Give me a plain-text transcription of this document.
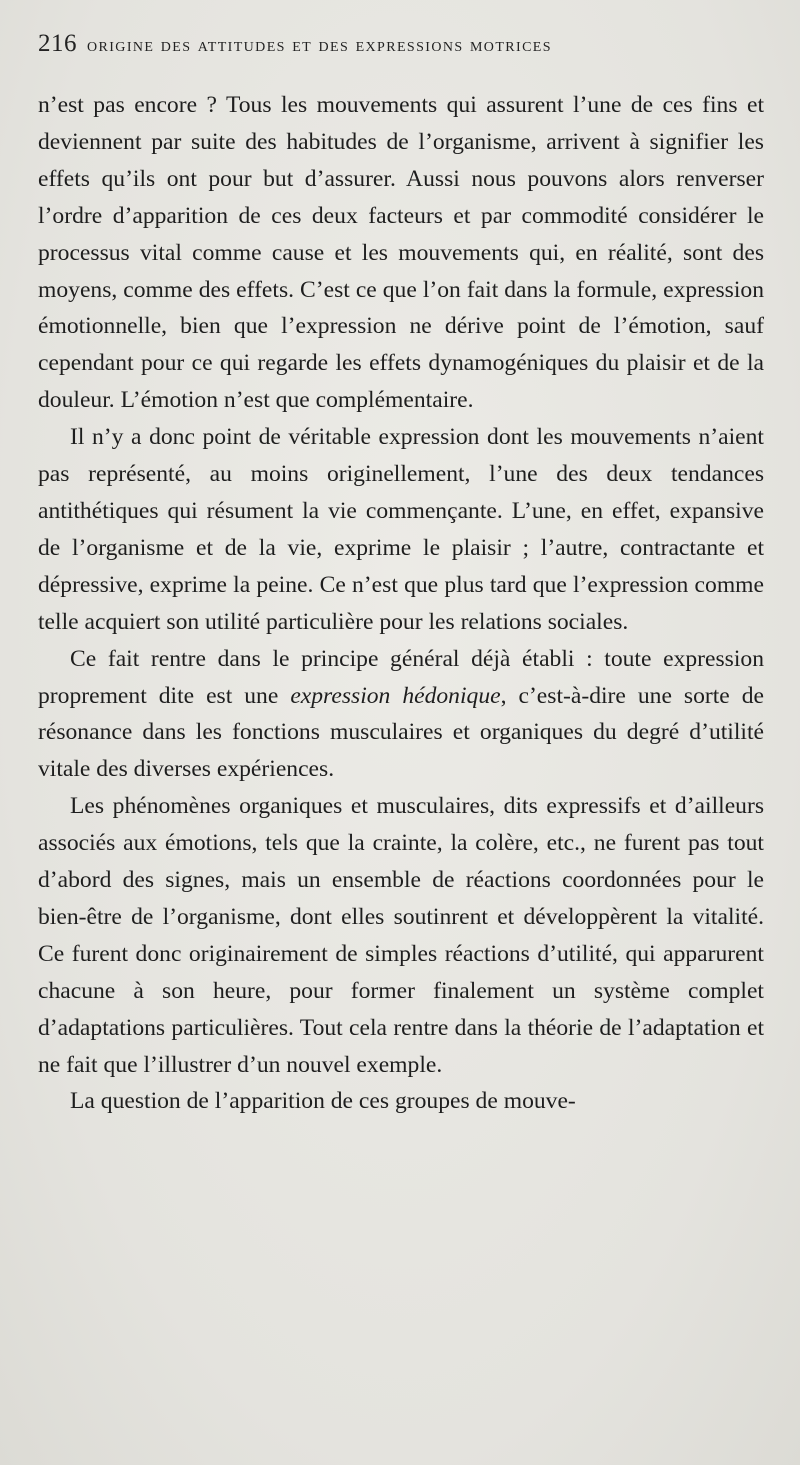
216 origine des attitudes et des expressions motrices

n’est pas encore ? Tous les mouvements qui assurent l’une de ces fins et deviennent par suite des habitudes de l’organisme, arrivent à signifier les effets qu’ils ont pour but d’assurer. Aussi nous pouvons alors renverser l’ordre d’apparition de ces deux facteurs et par commodité considérer le processus vital comme cause et les mouvements qui, en réalité, sont des moyens, comme des effets. C’est ce que l’on fait dans la formule, expression émotionnelle, bien que l’expression ne dérive point de l’émotion, sauf cependant pour ce qui regarde les effets dynamogéniques du plaisir et de la douleur. L’émotion n’est que complémentaire.

Il n’y a donc point de véritable expression dont les mouvements n’aient pas représenté, au moins originellement, l’une des deux tendances antithétiques qui résument la vie commençante. L’une, en effet, expansive de l’organisme et de la vie, exprime le plaisir ; l’autre, contractante et dépressive, exprime la peine. Ce n’est que plus tard que l’expression comme telle acquiert son utilité particulière pour les relations sociales.

Ce fait rentre dans le principe général déjà établi : toute expression proprement dite est une expression hédonique, c’est-à-dire une sorte de résonance dans les fonctions musculaires et organiques du degré d’utilité vitale des diverses expériences.

Les phénomènes organiques et musculaires, dits expressifs et d’ailleurs associés aux émotions, tels que la crainte, la colère, etc., ne furent pas tout d’abord des signes, mais un ensemble de réactions coordonnées pour le bien-être de l’organisme, dont elles soutinrent et développèrent la vitalité. Ce furent donc originairement de simples réactions d’utilité, qui apparurent chacune à son heure, pour former finalement un système complet d’adaptations particulières. Tout cela rentre dans la théorie de l’adaptation et ne fait que l’illustrer d’un nouvel exemple.

La question de l’apparition de ces groupes de mouve-
